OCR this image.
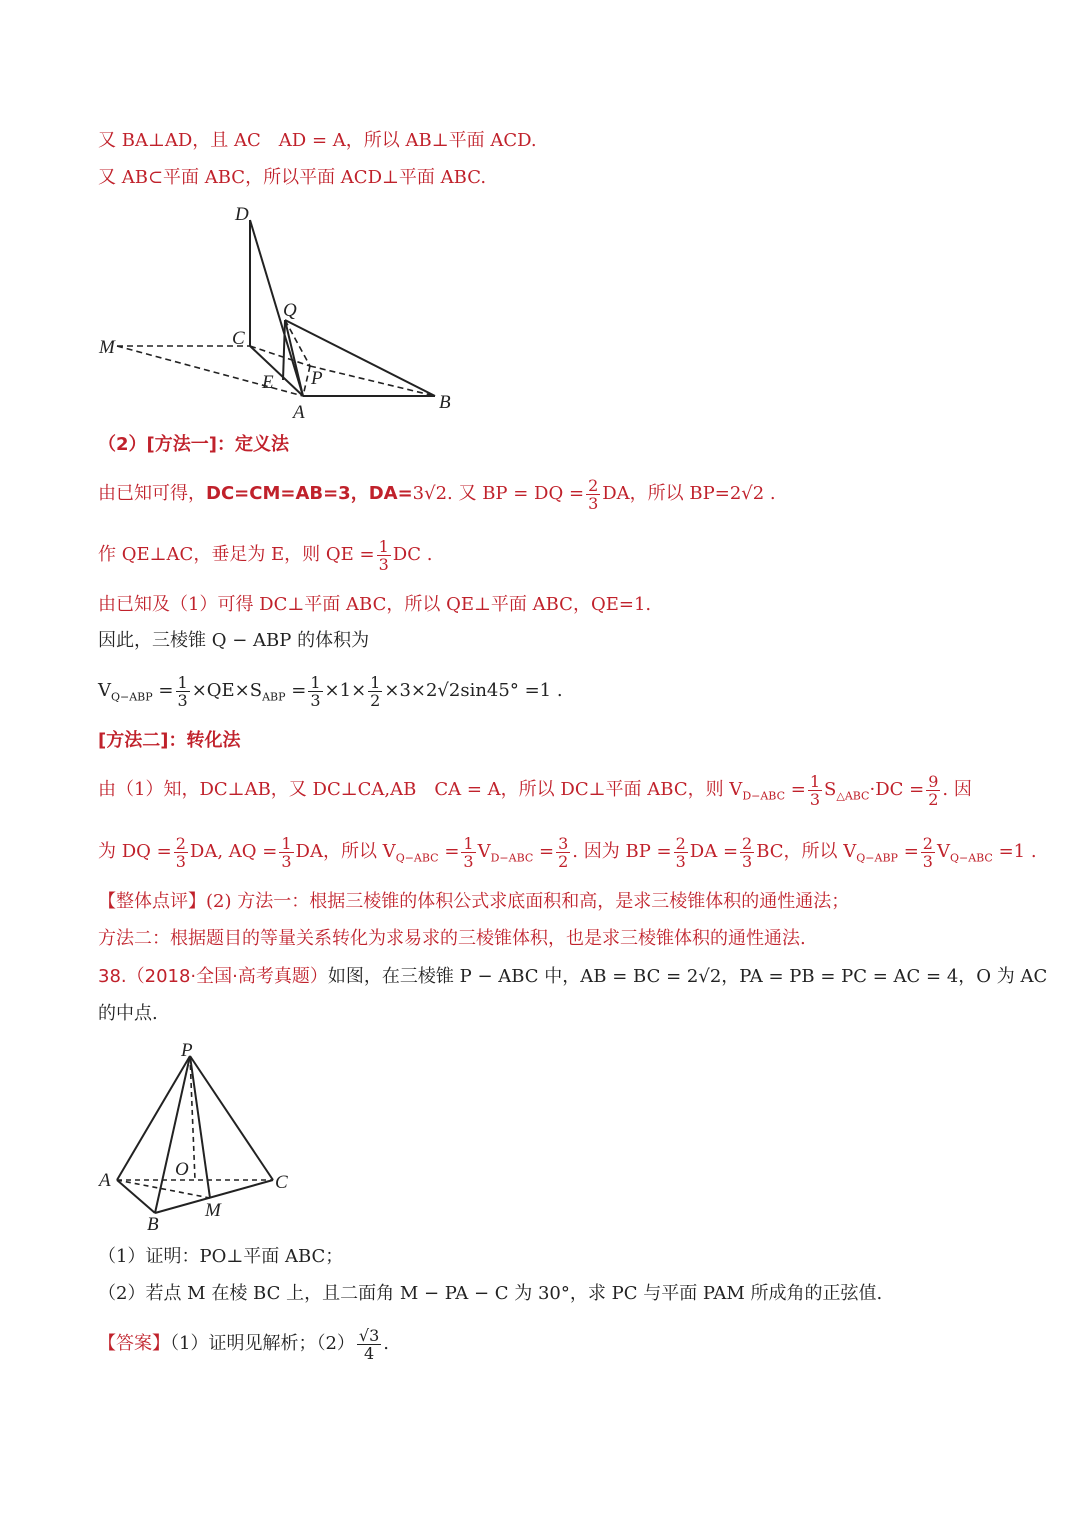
又 BA⊥AD，且 AC　AD = A，所以 AB⊥平面 ACD.
又 AB⊂平面 ABC，所以平面 ACD⊥平面 ABC.
D
Q
C
M
E P
A	B
（2）[方法一]：定义法
由已知可得，DC=CM=AB=3，DA=3√2. 又 BP = DQ = $\frac{2}{3}$ DA，所以 BP=2√2 .
作 QE⊥AC，垂足为 E，则 QE = $\frac{1}{3}$ DC .
由已知及（1）可得 DC⊥平面 ABC，所以 QE⊥平面 ABC，QE=1.
因此，三棱锥 Q − ABP 的体积为
$V_{Q-ABP} = \frac{1}{3} \times QE\times S_{ABP} = \frac{1}{3} \times 1\times \frac{1}{2} \times 3\times 2√2\sin 45^\circ =1$ .
[方法二]：转化法
由（1）知，DC⊥AB，又 DC⊥CA,AB　CA = A，所以 DC⊥平面 ABC，则 $V_{D-ABC} = \frac{1}{3} S_{\triangle ABC}\cdot DC = \frac{9}{2}$ . 因
为 DQ = $\frac{2}{3}$ DA, AQ = $\frac{1}{3}$ DA，所以 $V_{Q-ABC} = \frac{1}{3} V_{D-ABC} = \frac{3}{2}$ . 因为 BP = $\frac{2}{3}$ DA = $\frac{2}{3}$ BC，所以 $V_{Q-ABP} = \frac{2}{3} V_{Q-ABC} =1$ .
【整体点评】(2) 方法一：根据三棱锥的体积公式求底面积和高，是求三棱锥体积的通性通法；
方法二：根据题目的等量关系转化为求易求的三棱锥体积，也是求三棱锥体积的通性通法.
38.（2018·全国·高考真题）如图，在三棱锥 P − ABC 中，AB = BC = 2√2，PA = PB = PC = AC = 4，O 为 AC
的中点.
P
A
O
C
B
M
（1）证明：PO⊥平面 ABC；
（2）若点 M 在棱 BC 上，且二面角 M − PA − C 为 30°，求 PC 与平面 PAM 所成角的正弦值.
【答案】（1）证明见解析；$(2) \frac{√3}{4}$ .
